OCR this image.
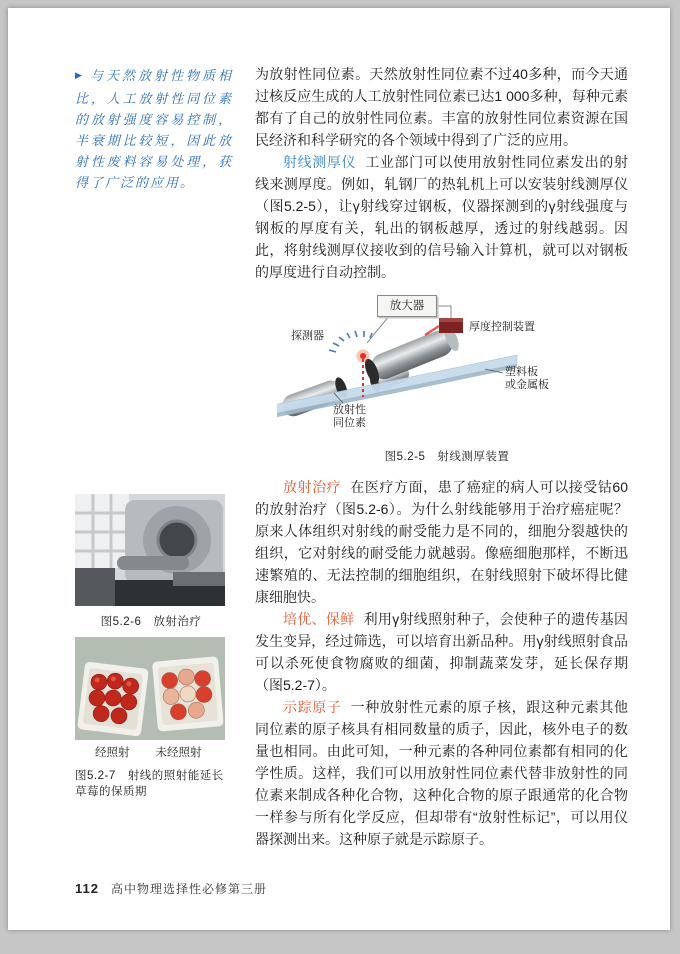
▶ 与天然放射性物质相比，人工放射性同位素的放射强度容易控制，半衰期比较短，因此放射性废料容易处理，获得了广泛的应用。
图5.2-6　放射治疗
经照射 未经照射
图5.2-7　射线的照射能延长草莓的保质期

为放射性同位素。天然放射性同位素不过40多种，而今天通过核反应生成的人工放射性同位素已达1 000多种，每种元素都有了自己的放射性同位素。丰富的放射性同位素资源在国民经济和科学研究的各个领域中得到了广泛的应用。

射线测厚仪 工业部门可以使用放射性同位素发出的射线来测厚度。例如，轧钢厂的热轧机上可以安装射线测厚仪（图5.2-5），让γ射线穿过钢板，仪器探测到的γ射线强度与钢板的厚度有关，轧出的钢板越厚，透过的射线越弱。因此，将射线测厚仪接收到的信号输入计算机，就可以对钢板的厚度进行自动控制。

放大器
厚度控制装置
探测器
塑料板
或金属板
放射性
同位素
图5.2-5　射线测厚装置

放射治疗 在医疗方面，患了癌症的病人可以接受钴60的放射治疗（图5.2-6）。为什么射线能够用于治疗癌症呢？原来人体组织对射线的耐受能力是不同的，细胞分裂越快的组织，它对射线的耐受能力就越弱。像癌细胞那样，不断迅速繁殖的、无法控制的细胞组织，在射线照射下破坏得比健康细胞快。

培优、保鲜 利用γ射线照射种子，会使种子的遗传基因发生变异，经过筛选，可以培育出新品种。用γ射线照射食品可以杀死使食物腐败的细菌，抑制蔬菜发芽，延长保存期（图5.2-7）。

示踪原子 一种放射性元素的原子核，跟这种元素其他同位素的原子核具有相同数量的质子，因此，核外电子的数量也相同。由此可知，一种元素的各种同位素都有相同的化学性质。这样，我们可以用放射性同位素代替非放射性的同位素来制成各种化合物，这种化合物的原子跟通常的化合物一样参与所有化学反应，但却带有“放射性标记”，可以用仪器探测出来。这种原子就是示踪原子。

112 高中物理选择性必修第三册
